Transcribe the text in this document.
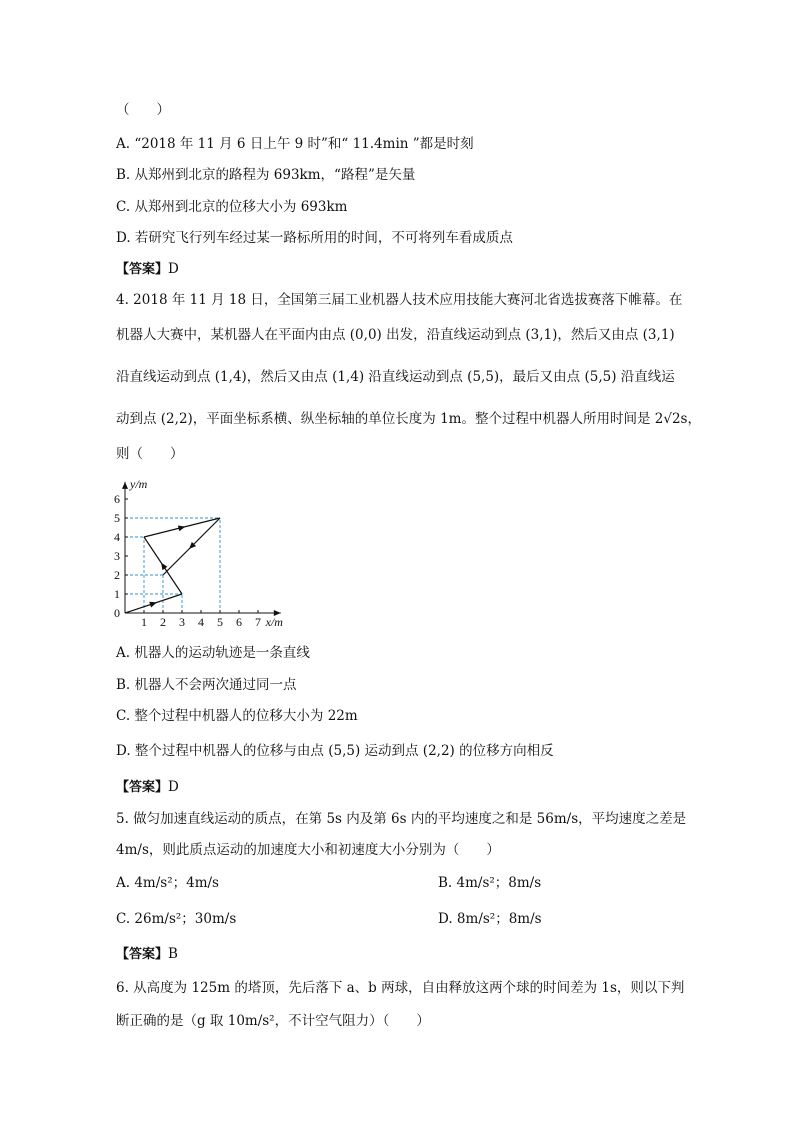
（　　）
A. “2018 年 11 月 6 日上午 9 时”和“ 11.4min ”都是时刻
B. 从郑州到北京的路程为 693km，“路程”是矢量
C. 从郑州到北京的位移大小为 693km
D. 若研究飞行列车经过某一路标所用的时间，不可将列车看成质点
【答案】D
4. 2018 年 11 月 18 日，全国第三届工业机器人技术应用技能大赛河北省选拔赛落下帷幕。在
机器人大赛中，某机器人在平面内由点 (0,0) 出发，沿直线运动到点 (3,1)，然后又由点 (3,1)
沿直线运动到点 (1,4)，然后又由点 (1,4) 沿直线运动到点 (5,5)，最后又由点 (5,5) 沿直线运
动到点 (2,2)，平面坐标系横、纵坐标轴的单位长度为 1m。整个过程中机器人所用时间是 2√2s，
则（　　）
1 2 3 4 5 6 7
1
2
3
4
5
6
y/m
x/m
0
A. 机器人的运动轨迹是一条直线
B. 机器人不会两次通过同一点
C. 整个过程中机器人的位移大小为 22m
D. 整个过程中机器人的位移与由点 (5,5) 运动到点 (2,2) 的位移方向相反
【答案】D
5. 做匀加速直线运动的质点，在第 5s 内及第 6s 内的平均速度之和是 56m/s，平均速度之差是
4m/s，则此质点运动的加速度大小和初速度大小分别为（　　）
A. 4m/s²；4m/s	B. 4m/s²；8m/s
C. 26m/s²；30m/s	D. 8m/s²；8m/s
【答案】B
6. 从高度为 125m 的塔顶，先后落下 a、b 两球，自由释放这两个球的时间差为 1s，则以下判
断正确的是（g 取 10m/s²，不计空气阻力）（　　）
